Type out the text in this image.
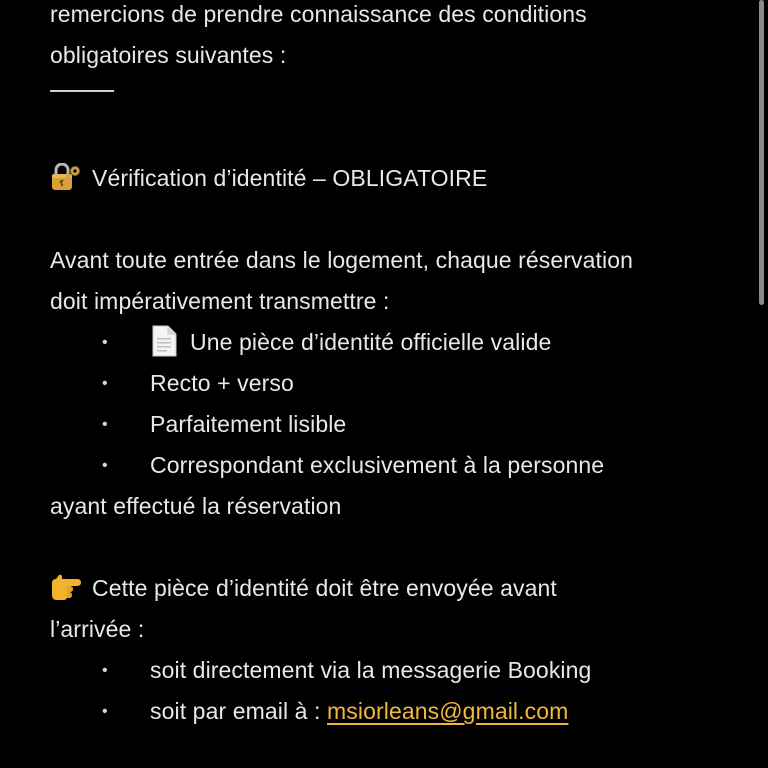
remercions de prendre connaissance des conditions
obligatoires suivantes :
Vérification d’identité – OBLIGATOIRE
Avant toute entrée dans le logement, chaque réservation
doit impérativement transmettre :
•	Une pièce d’identité officielle valide
• Recto + verso
• Parfaitement lisible
• Correspondant exclusivement à la personne
ayant effectué la réservation
Cette pièce d’identité doit être envoyée avant
l’arrivée :
• soit directement via la messagerie Booking
• soit par email à : msiorleans@gmail.com
